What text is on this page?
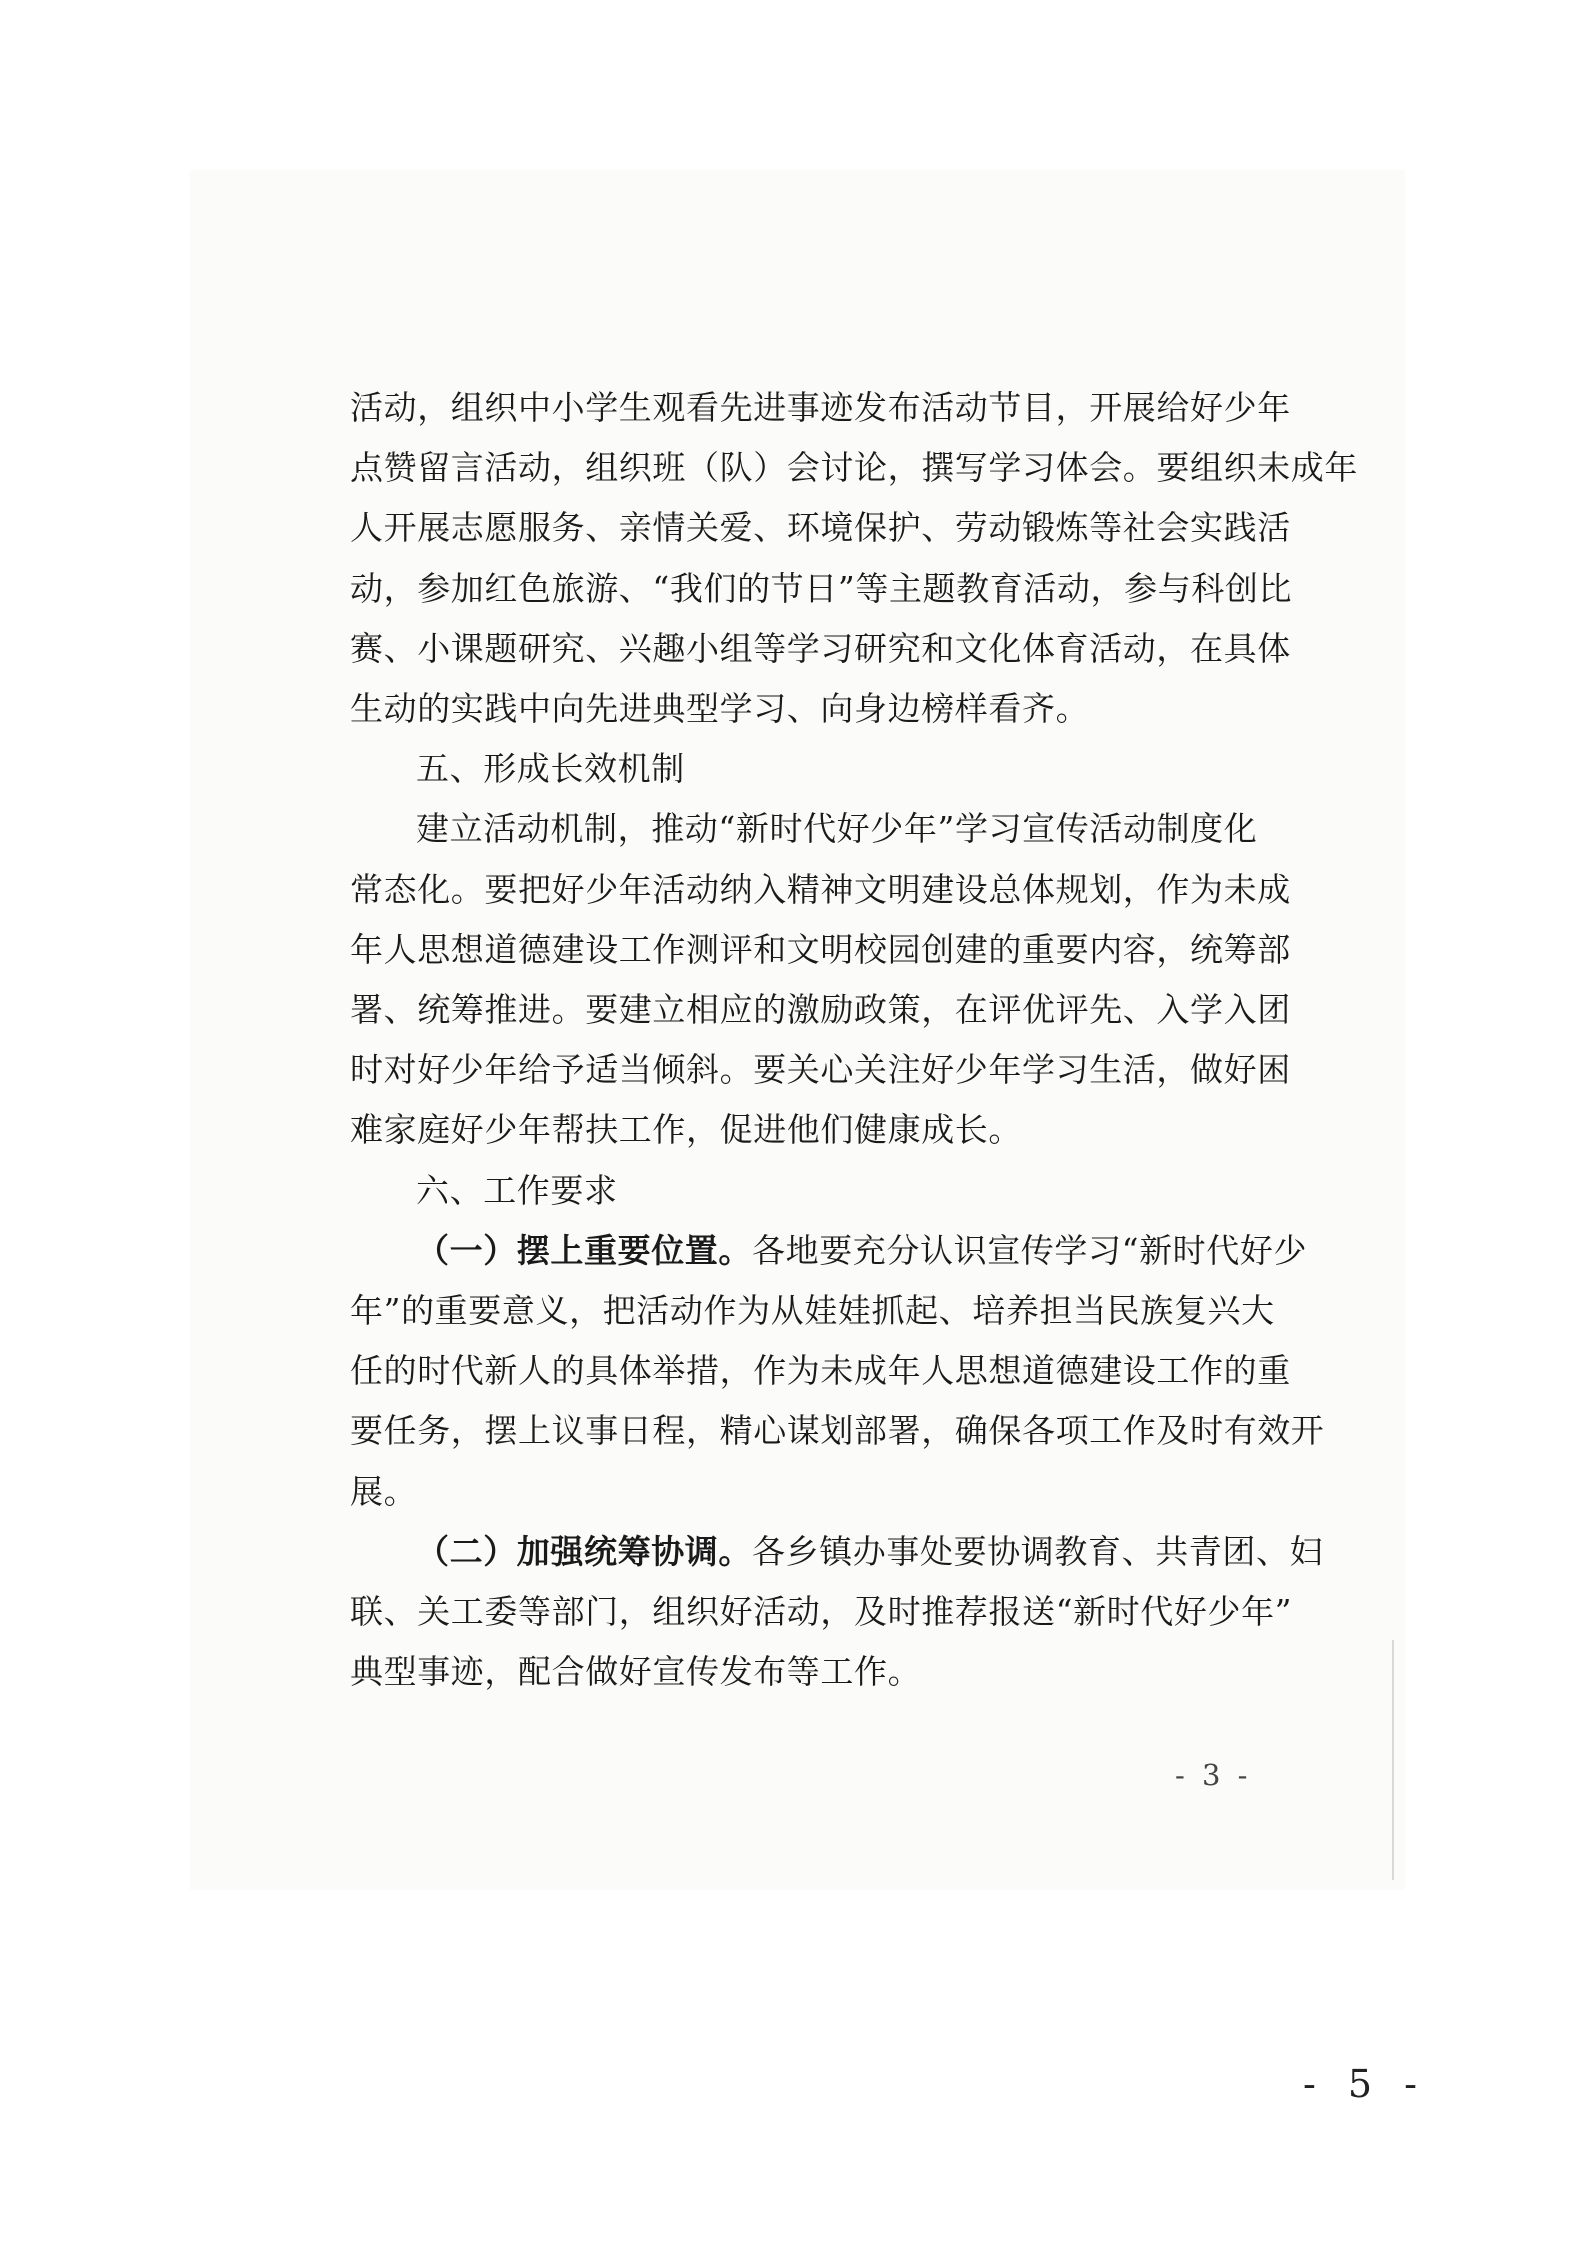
活动，组织中小学生观看先进事迹发布活动节目，开展给好少年
点赞留言活动，组织班（队）会讨论，撰写学习体会。要组织未成年
人开展志愿服务、亲情关爱、环境保护、劳动锻炼等社会实践活
动，参加红色旅游、“我们的节日”等主题教育活动，参与科创比
赛、小课题研究、兴趣小组等学习研究和文化体育活动，在具体
生动的实践中向先进典型学习、向身边榜样看齐。
五、形成长效机制
建立活动机制，推动“新时代好少年”学习宣传活动制度化
常态化。要把好少年活动纳入精神文明建设总体规划，作为未成
年人思想道德建设工作测评和文明校园创建的重要内容，统筹部
署、统筹推进。要建立相应的激励政策，在评优评先、入学入团
时对好少年给予适当倾斜。要关心关注好少年学习生活，做好困
难家庭好少年帮扶工作，促进他们健康成长。
六、工作要求
（一）摆上重要位置。各地要充分认识宣传学习“新时代好少
年”的重要意义，把活动作为从娃娃抓起、培养担当民族复兴大
任的时代新人的具体举措，作为未成年人思想道德建设工作的重
要任务，摆上议事日程，精心谋划部署，确保各项工作及时有效开
展。
（二）加强统筹协调。各乡镇办事处要协调教育、共青团、妇
联、关工委等部门，组织好活动，及时推荐报送“新时代好少年”
典型事迹，配合做好宣传发布等工作。
- 3 -
- 5 -
